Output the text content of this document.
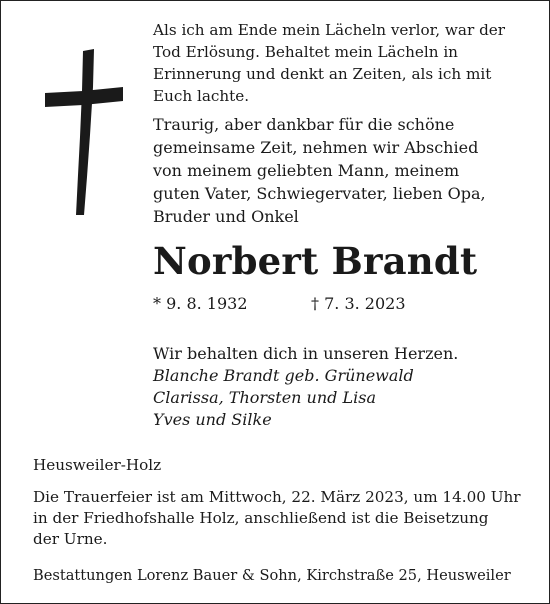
Als ich am Ende mein Lächeln verlor, war der
Tod Erlösung. Behaltet mein Lächeln in
Erinnerung und denkt an Zeiten, als ich mit
Euch lachte.
Traurig, aber dankbar für die schöne
gemeinsame Zeit, nehmen wir Abschied
von meinem geliebten Mann, meinem
guten Vater, Schwiegervater, lieben Opa,
Bruder und Onkel
Norbert Brandt
* 9. 8. 1932	† 7. 3. 2023
Wir behalten dich in unseren Herzen.
Blanche Brandt geb. Grünewald
Clarissa, Thorsten und Lisa
Yves und Silke
Heusweiler-Holz
Die Trauerfeier ist am Mittwoch, 22. März 2023, um 14.00 Uhr
in der Friedhofshalle Holz, anschließend ist die Beisetzung
der Urne.
Bestattungen Lorenz Bauer & Sohn, Kirchstraße 25, Heusweiler
